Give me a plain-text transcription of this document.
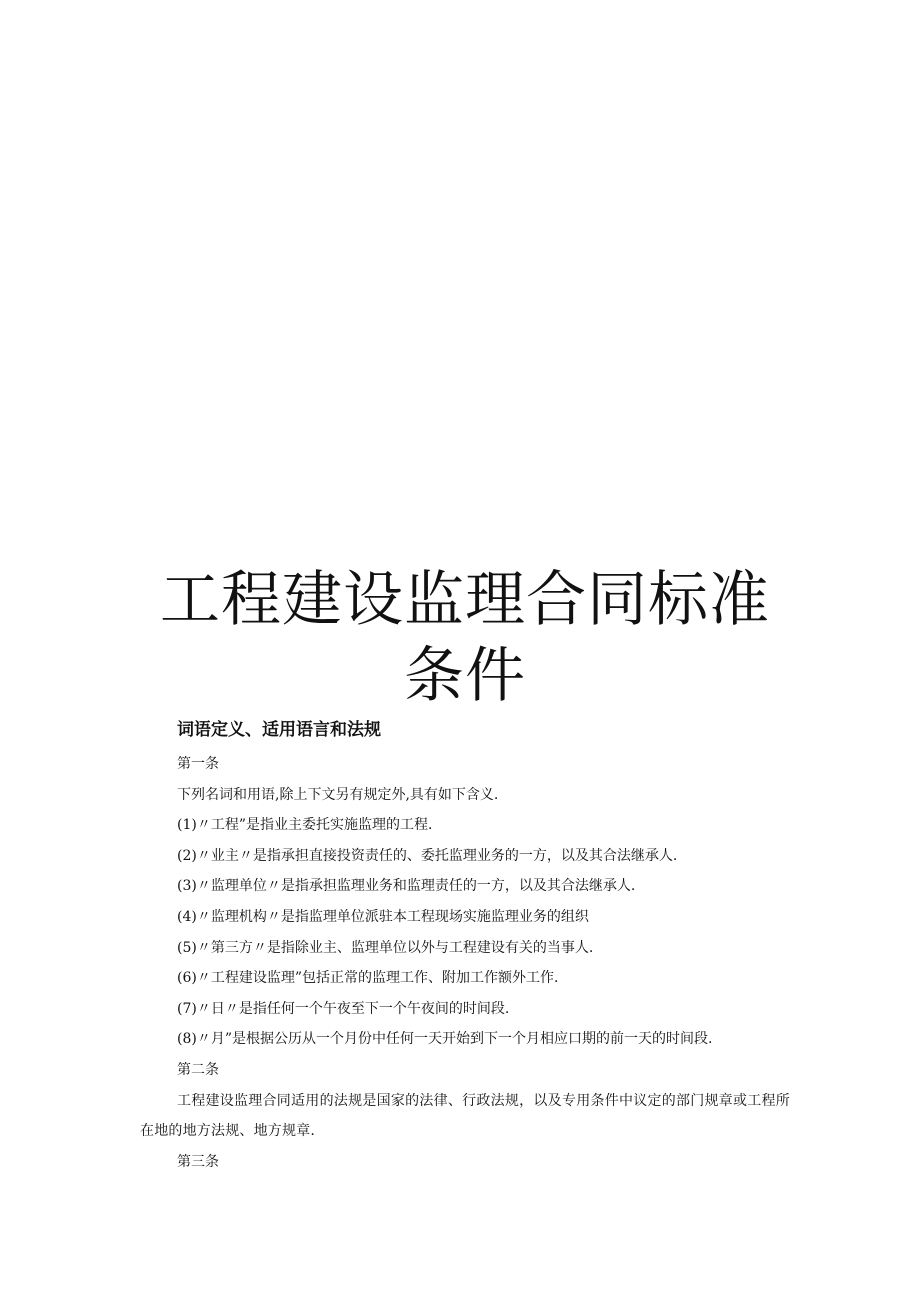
工程建设监理合同标准
条件
词语定义、适用语言和法规

第一条

下列名词和用语,除上下文另有规定外,具有如下含义.

(1)〃工程”是指业主委托实施监理的工程.

(2)〃业主〃是指承担直接投资责任的、委托监理业务的一方，以及其合法继承人.

(3)〃监理单位〃是指承担监理业务和监理责任的一方，以及其合法继承人.

(4)〃监理机构〃是指监理单位派驻本工程现场实施监理业务的组织

(5)〃第三方〃是指除业主、监理单位以外与工程建设有关的当事人.

(6)〃工程建设监理”包括正常的监理工作、附加工作额外工作.

(7)〃日〃是指任何一个午夜至下一个午夜间的时间段.

(8)〃月”是根据公历从一个月份中任何一天开始到下一个月相应口期的前一天的时间段.

第二条

工程建设监理合同适用的法规是国家的法律、行政法规，以及专用条件中议定的部门规章或工程所在地的地方法规、地方规章.

第三条
